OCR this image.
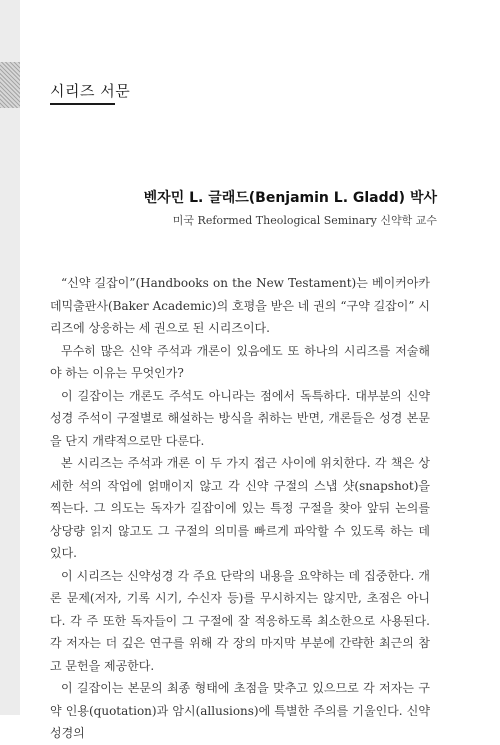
시리즈 서문
벤자민 L. 글래드(Benjamin L. Gladd) 박사
미국 Reformed Theological Seminary 신약학 교수

“신약 길잡이”(Handbooks on the New Testament)는 베이커아카데믹출판사(Baker Academic)의 호평을 받은 네 권의 “구약 길잡이” 시리즈에 상응하는 세 권으로 된 시리즈이다.

무수히 많은 신약 주석과 개론이 있음에도 또 하나의 시리즈를 저술해야 하는 이유는 무엇인가?

이 길잡이는 개론도 주석도 아니라는 점에서 독특하다. 대부분의 신약성경 주석이 구절별로 해설하는 방식을 취하는 반면, 개론들은 성경 본문을 단지 개략적으로만 다룬다.

본 시리즈는 주석과 개론 이 두 가지 접근 사이에 위치한다. 각 책은 상세한 석의 작업에 얽매이지 않고 각 신약 구절의 스냅 샷(snapshot)을 찍는다. 그 의도는 독자가 길잡이에 있는 특정 구절을 찾아 앞뒤 논의를 상당량 읽지 않고도 그 구절의 의미를 빠르게 파악할 수 있도록 하는 데 있다.

이 시리즈는 신약성경 각 주요 단락의 내용을 요약하는 데 집중한다. 개론 문제(저자, 기록 시기, 수신자 등)를 무시하지는 않지만, 초점은 아니다. 각 주 또한 독자들이 그 구절에 잘 적응하도록 최소한으로 사용된다. 각 저자는 더 깊은 연구를 위해 각 장의 마지막 부분에 간략한 최근의 참고 문헌을 제공한다.

이 길잡이는 본문의 최종 형태에 초점을 맞추고 있으므로 각 저자는 구약 인용(quotation)과 암시(allusions)에 특별한 주의를 기울인다. 신약성경의
